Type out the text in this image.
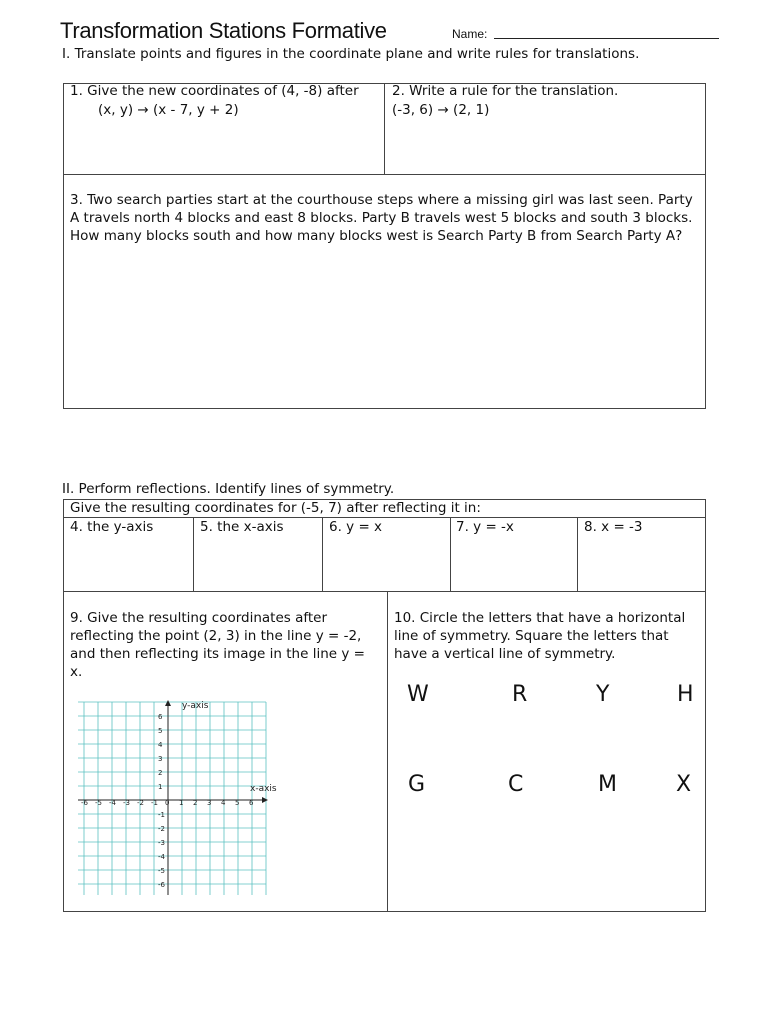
Transformation Stations Formative	Name:
I. Translate points and figures in the coordinate plane and write rules for translations.
1. Give the new coordinates of (4, -8) after
(x, y) → (x - 7, y + 2)
2. Write a rule for the translation.
(-3, 6) → (2, 1)
3. Two search parties start at the courthouse steps where a missing girl was last seen. Party A travels north 4 blocks and east 8 blocks. Party B travels west 5 blocks and south 3 blocks. How many blocks south and how many blocks west is Search Party B from Search Party A?
II. Perform reflections. Identify lines of symmetry.
Give the resulting coordinates for (-5, 7) after reflecting it in:
4. the y-axis	5. the x-axis	6. y = x	7. y = -x	8. x = -3
9. Give the resulting coordinates after reflecting the point (2, 3) in the line y = -2, and then reflecting its image in the line y = x.
10. Circle the letters that have a horizontal line of symmetry. Square the letters that have a vertical line of symmetry.
W	R	Y	H
G	C	M	X
-6 -5 -4 -3 -2 -1 0 1 2 3 4 5 6
6
5
4
3
2
1
-1
-2
-3
-4
-5
-6
y-axis
x-axis
